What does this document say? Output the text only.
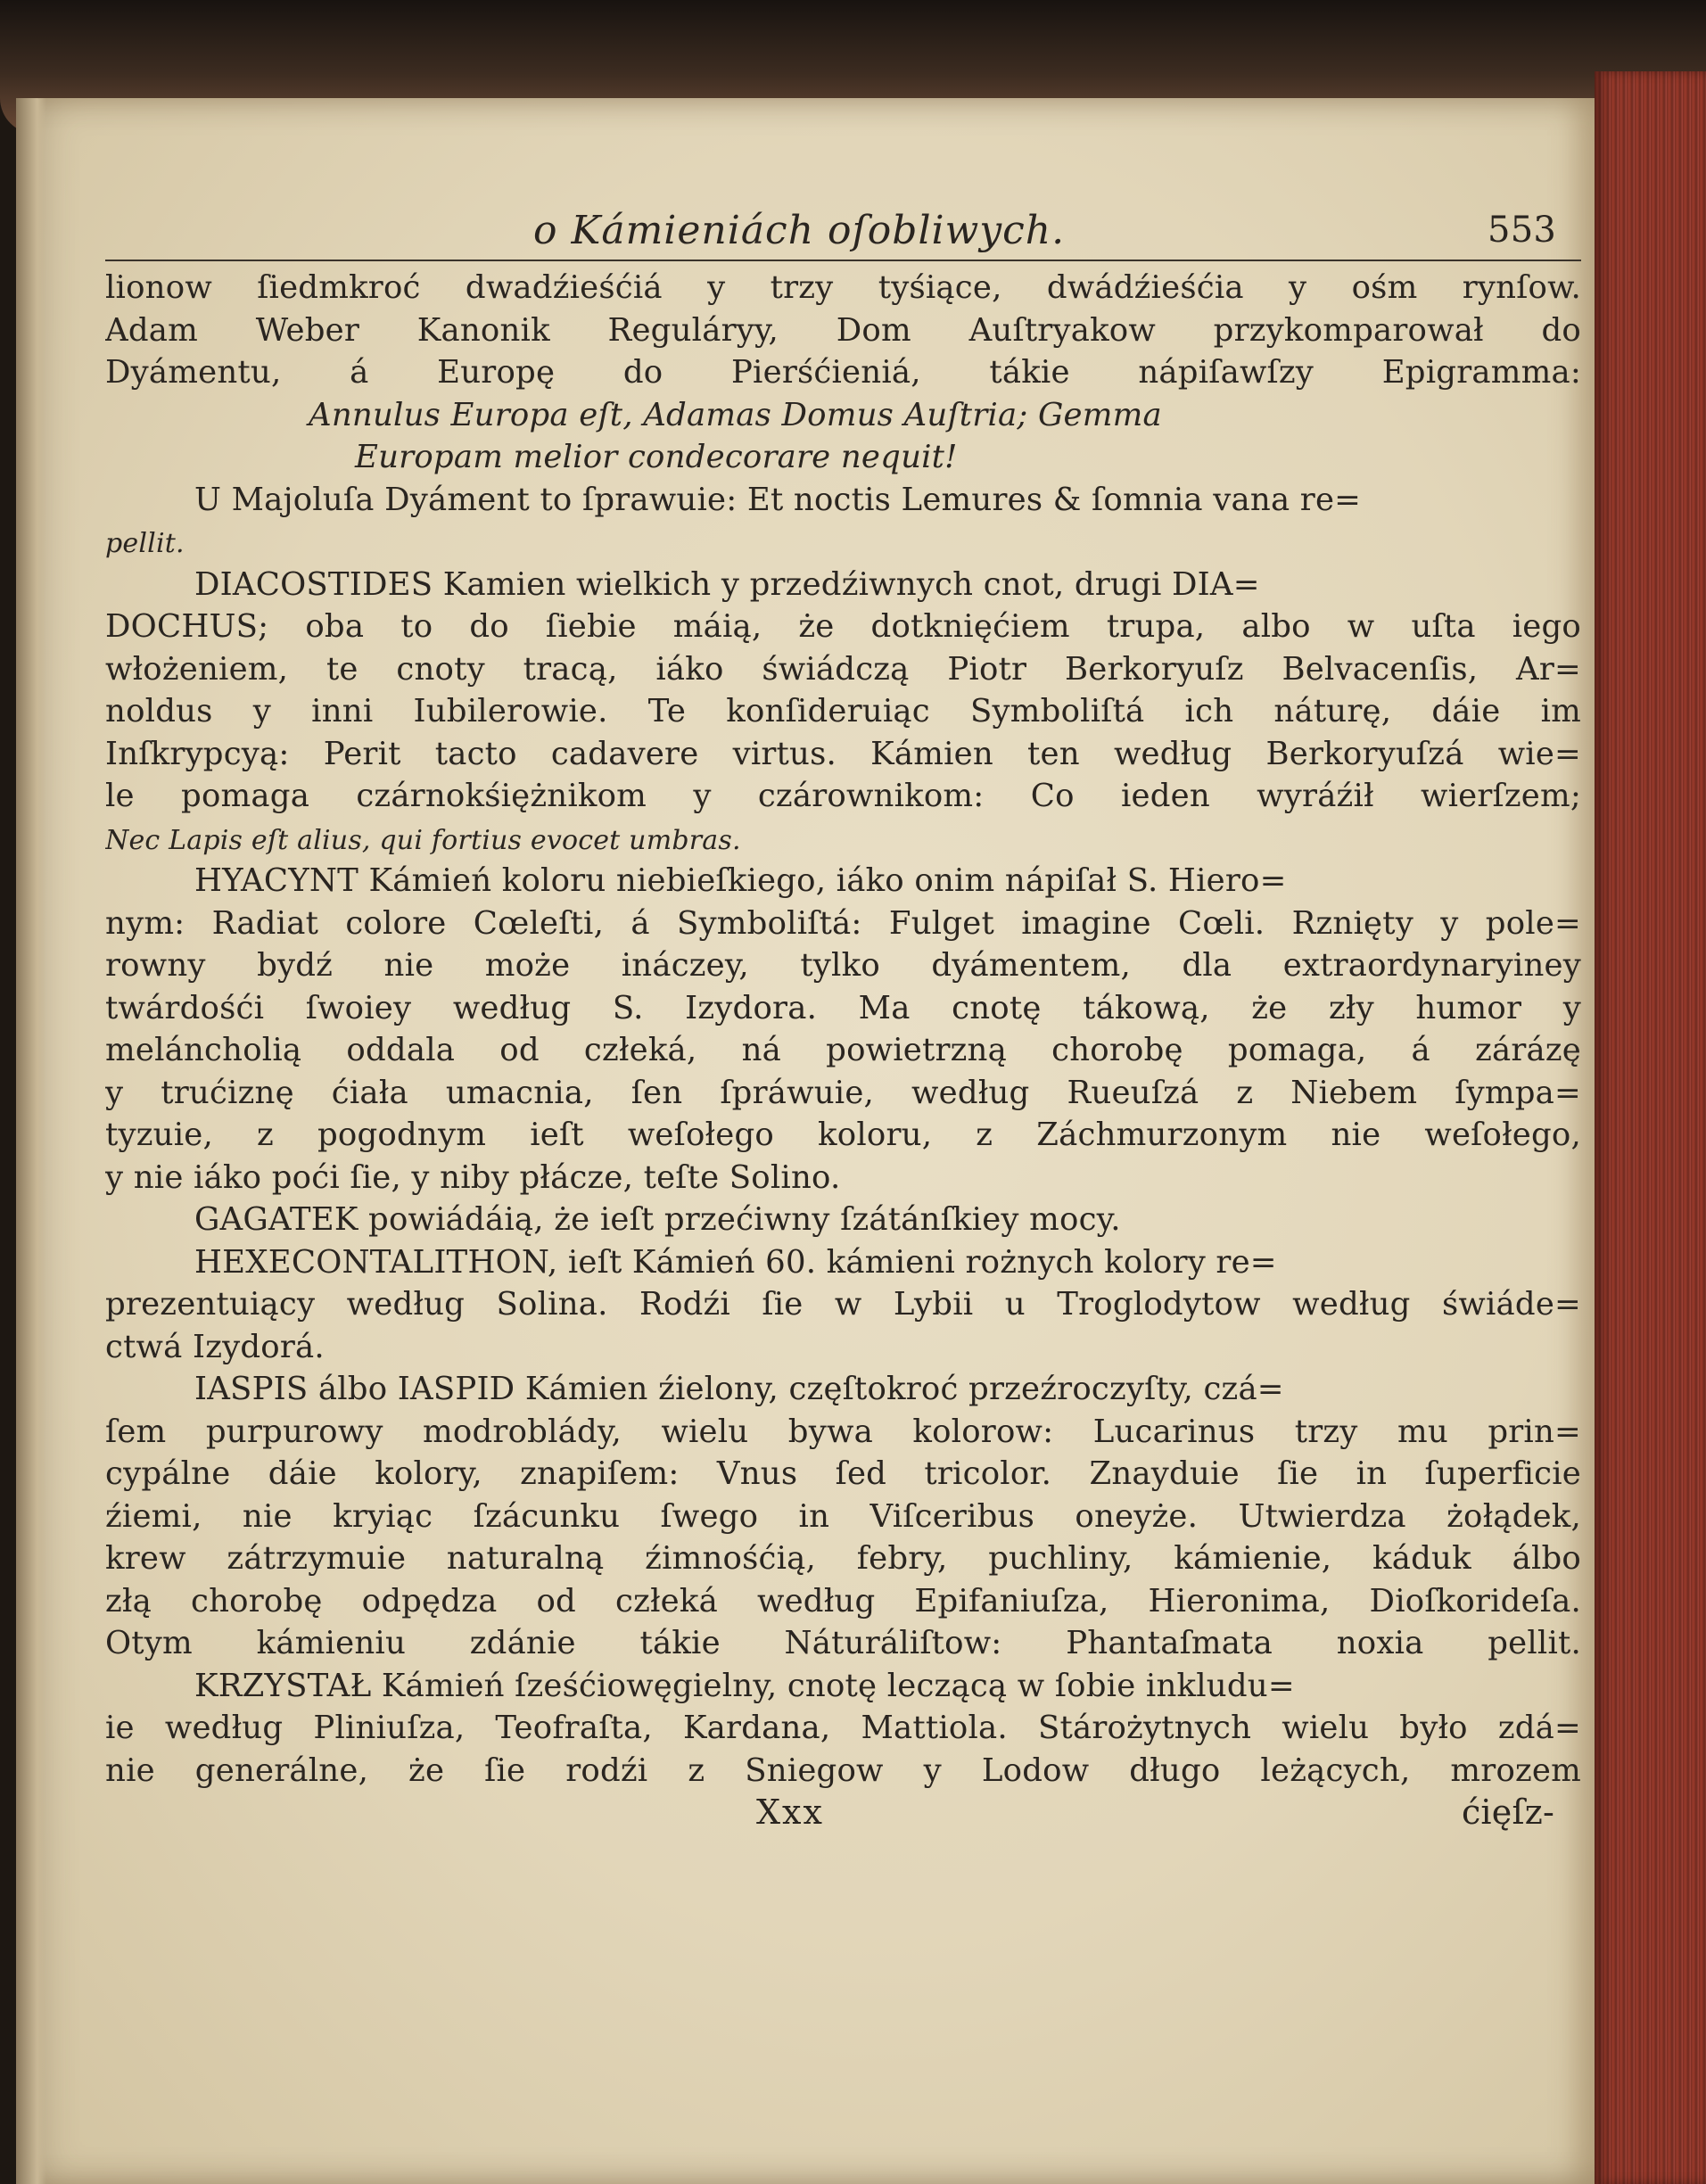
o Kámieniách oſobliwych.	553
lionow ſiedmkroć dwadźieśćiá y trzy tyśiące, dwádźieśćia y ośm rynſow.
Adam Weber Kanonik Reguláryy, Dom Auſtryakow przykomparował do
Dyámentu, á Europę do Pierśćieniá, tákie nápiſawſzy Epigramma:
Annulus Europa eſt, Adamas Domus Auſtria; Gemma
Europam melior condecorare nequit!
U Majoluſa Dyáment to ſprawuie: Et noctis Lemures & ſomnia vana re=
pellit.
DIACOSTIDES Kamien wielkich y przedźiwnych cnot, drugi DIA=
DOCHUS; oba to do ſiebie máią, że dotknięćiem trupa, albo w uſta iego
włożeniem, te cnoty tracą, iáko świádczą Piotr Berkoryuſz Belvacenſis, Ar=
noldus y inni Iubilerowie. Te konſideruiąc Symboliſtá ich náturę, dáie im
Inſkrypcyą: Perit tacto cadavere virtus. Kámien ten według Berkoryuſzá wie=
le pomaga czárnokśiężnikom y czárownikom: Co ieden wyráźił wierſzem;
Nec Lapis eſt alius, qui fortius evocet umbras.
HYACYNT Kámień koloru niebieſkiego, iáko onim nápiſał S. Hiero=
nym: Radiat colore Cœleſti, á Symboliſtá: Fulget imagine Cœli. Rznięty y pole=
rowny bydź nie może ináczey, tylko dyámentem, dla extraordynaryiney
twárdośći ſwoiey według S. Izydora. Ma cnotę tákową, że zły humor y
meláncholią oddala od człeká, ná powietrzną chorobę pomaga, á zárázę
y trućiznę ćiała umacnia, ſen ſpráwuie, według Rueuſzá z Niebem ſympa=
tyzuie, z pogodnym ieſt weſołego koloru, z Záchmurzonym nie weſołego,
y nie iáko poći ſie, y niby płácze, teſte Solino.
GAGATEK powiádáią, że ieſt przećiwny ſzátánſkiey mocy.
HEXECONTALITHON, ieſt Kámień 60. kámieni rożnych kolory re=
prezentuiący według Solina. Rodźi ſie w Lybii u Troglodytow według świáde=
ctwá Izydorá.
IASPIS álbo IASPID Kámien źielony, częſtokroć przeźroczyſty, czá=
ſem purpurowy modroblády, wielu bywa kolorow: Lucarinus trzy mu prin=
cypálne dáie kolory, znapiſem: Vnus ſed tricolor. Znayduie ſie in ſuperficie
źiemi, nie kryiąc ſzácunku ſwego in Viſceribus oneyże. Utwierdza żołądek,
krew zátrzymuie naturalną źimnośćią, febry, puchliny, kámienie, káduk álbo
złą chorobę odpędza od człeká według Epifaniuſza, Hieronima, Dioſkorideſa.
Otym kámieniu zdánie tákie Náturáliſtow: Phantaſmata noxia pellit.
KRZYSTAŁ Kámień ſześćiowęgielny, cnotę leczącą w ſobie inkludu=
ie według Pliniuſza, Teofraſta, Kardana, Mattiola. Stárożytnych wielu było zdá=
nie generálne, że ſie rodźi z Sniegow y Lodow długo leżących, mrozem
Xxx	ćięſz-
